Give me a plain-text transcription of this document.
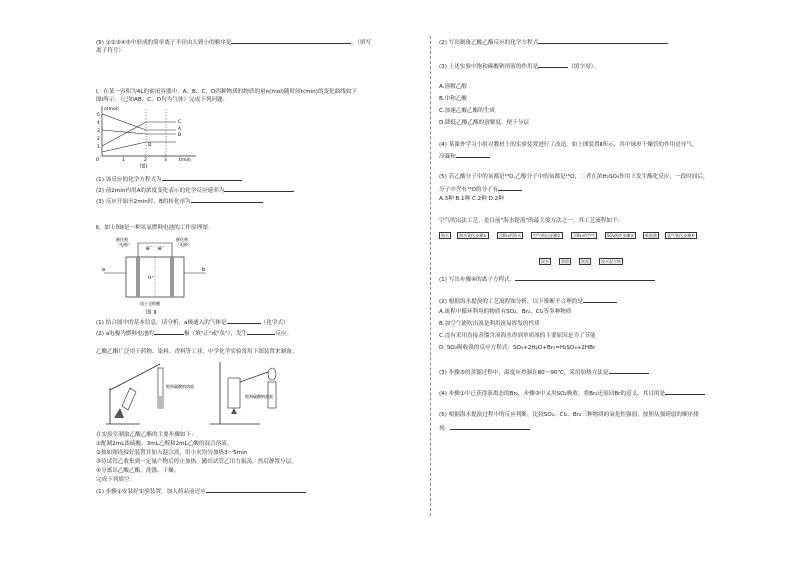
(5) ①②③④⑤中形成的简单离子半径由大到小的顺序是	。（填写
离子符号）
Ⅰ、在某一容积为4L的密闭容器中，A、B、C、D四种物质的物质的量n(mol)随时间t(min)的变化曲线如下
图Ⅰ所示：（已知AB、C、D均为气体）完成下列问题：
n(mol)
t/min
5
4
3
2
1
0	1	2	3
A
B
C
D
图Ⅰ
(1) 该反应的化学方程式为
(2) 前2min内用A的浓度变化表示的化学反应速率为
(3) 反应开始至2min时，B的转化率为
Ⅱ、如上图Ⅱ是一种氢氧燃料电池的工作原理图：
a	b
催化剂
（电极）
催化剂
（电极）
e⁻ e⁻
H⁺
质子交换膜
图 Ⅱ
(1) 结合图中的基本信息，请分析，a极通入的气体是	（化学式）
(2) a电极为燃料电池的	极（填"正"或"负"），发生	反应。
乙酸乙酯广泛用于药物、染料、香料等工业，中学化学实验常用下图装置来制备。
饱和碳酸钠溶液
饱和碳酸钠溶液
在实验室制取乙酸乙酯的主要步骤如下：
①配制2mL浓硫酸、3mL乙醇和2mL乙酸的混合溶液。
②按如图连接好装置并加入混合液，用小火均匀加热3～5min
③待试管乙收集到一定量产物后停止加热，撤出试管乙用力振荡，然后静置分层。
④分离出乙酸乙酯，洗涤、干燥。
完成下列填空：
(1) 步骤①安装好实验装置，加入药品前还应
(2) 写出制备乙酸乙酯反应的化学方程式
(3) 上述实验中饱和碳酸钠溶液的作用是	（填字母）。
A.溶解乙醇
B.中和乙酸
C.加速乙酸乙酯的生成
D.降低乙酸乙酯的溶解度，便于分层
(4) 某课外学习小组对教材上的实验装置进行了改造，如上图装置Ⅱ所示，其中球形干燥管的作用是导气、
冷凝和
(5) 若乙酸分子中的氧都是¹⁸O,乙醇分子中的氧都是¹⁶O，二者在浓H₂SO₄作用下发生酯化反应，一段时间后，
分子中含有¹⁸O的分子有
A.3种 B.1种 C.2种 D.2种
空气吹出法工艺，是目前"海水提溴"的最主要方法之一。其工艺流程如下：
海水	海水氧化步骤①	含Br₂的海水	空气吹出步骤②	含Br₂的空气	SO₂吸收步骤③	吸收液	氯气氧化步骤④
溴水	蒸馏	液溴	溴水混合物
(1) 写出步骤④的离子方程式：
(2) 根据海水提溴的工艺流程图分析，以下推断不合理的是
A.流程中循环利用的物质有SO₂、Br₂、Cl₂等多种物质
B.加空气能吹出溴是利用溴易挥发的性质
C.没有采用直接蒸馏含溴海水得到单质溴的主要原因是为了节能
D. SO₂吸收溴的反应方程式：SO₂+2H₂O+Br₂=H₂SO₄+2HBr
(3) 步骤⑤的蒸馏过程中，温度应控制在80～90℃，采用加热方法是
(4) 步骤①中已获得游离态的Br₂，步骤③中又用SO₂吸收，将Br₂还原回Br的意义，其目的是
(5) 根据海水提溴过程中的反应判断，比较SO₂、Cl₂、Br₂三种物质的氧化性强弱，按照从强到弱的顺序排
列：
